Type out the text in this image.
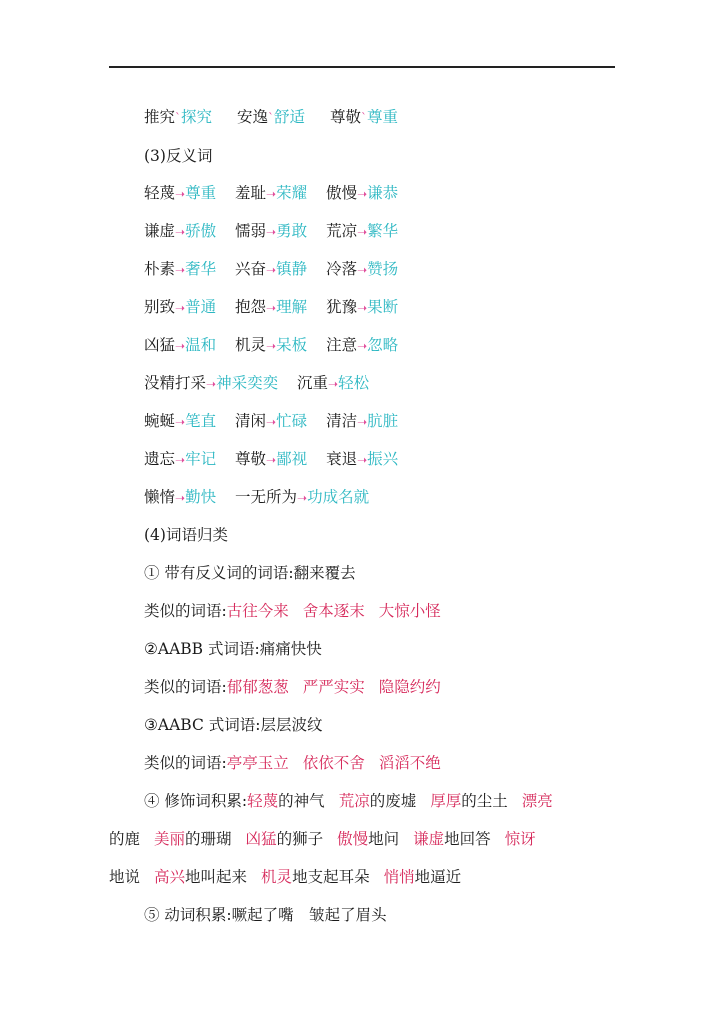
推究ˋ探究 安逸ˋ舒适 尊敬ˋ尊重
(3)反义词
轻蔑➝尊重 羞耻➝荣耀 傲慢➝谦恭
谦虚➝骄傲 懦弱➝勇敢 荒凉➝繁华
朴素➝奢华 兴奋➝镇静 冷落➝赞扬
别致➝普通 抱怨➝理解 犹豫➝果断
凶猛➝温和 机灵➝呆板 注意➝忽略
没精打采➝神采奕奕 沉重➝轻松
蜿蜒➝笔直 清闲➝忙碌 清洁➝肮脏
遗忘➝牢记 尊敬➝鄙视 衰退➝振兴
懒惰➝勤快 一无所为➝功成名就
(4)词语归类
① 带有反义词的词语:翻来覆去
类似的词语:古往今来 舍本逐末 大惊小怪
②AABB 式词语:痛痛快快
类似的词语:郁郁葱葱 严严实实 隐隐约约
③AABC 式词语:层层波纹
类似的词语:亭亭玉立 依依不舍 滔滔不绝
④ 修饰词积累:轻蔑的神气 荒凉的废墟 厚厚的尘土 漂亮
的鹿 美丽的珊瑚 凶猛的狮子 傲慢地问 谦虚地回答 惊讶
地说 高兴地叫起来 机灵地支起耳朵 悄悄地逼近
⑤ 动词积累:噘起了嘴　皱起了眉头
